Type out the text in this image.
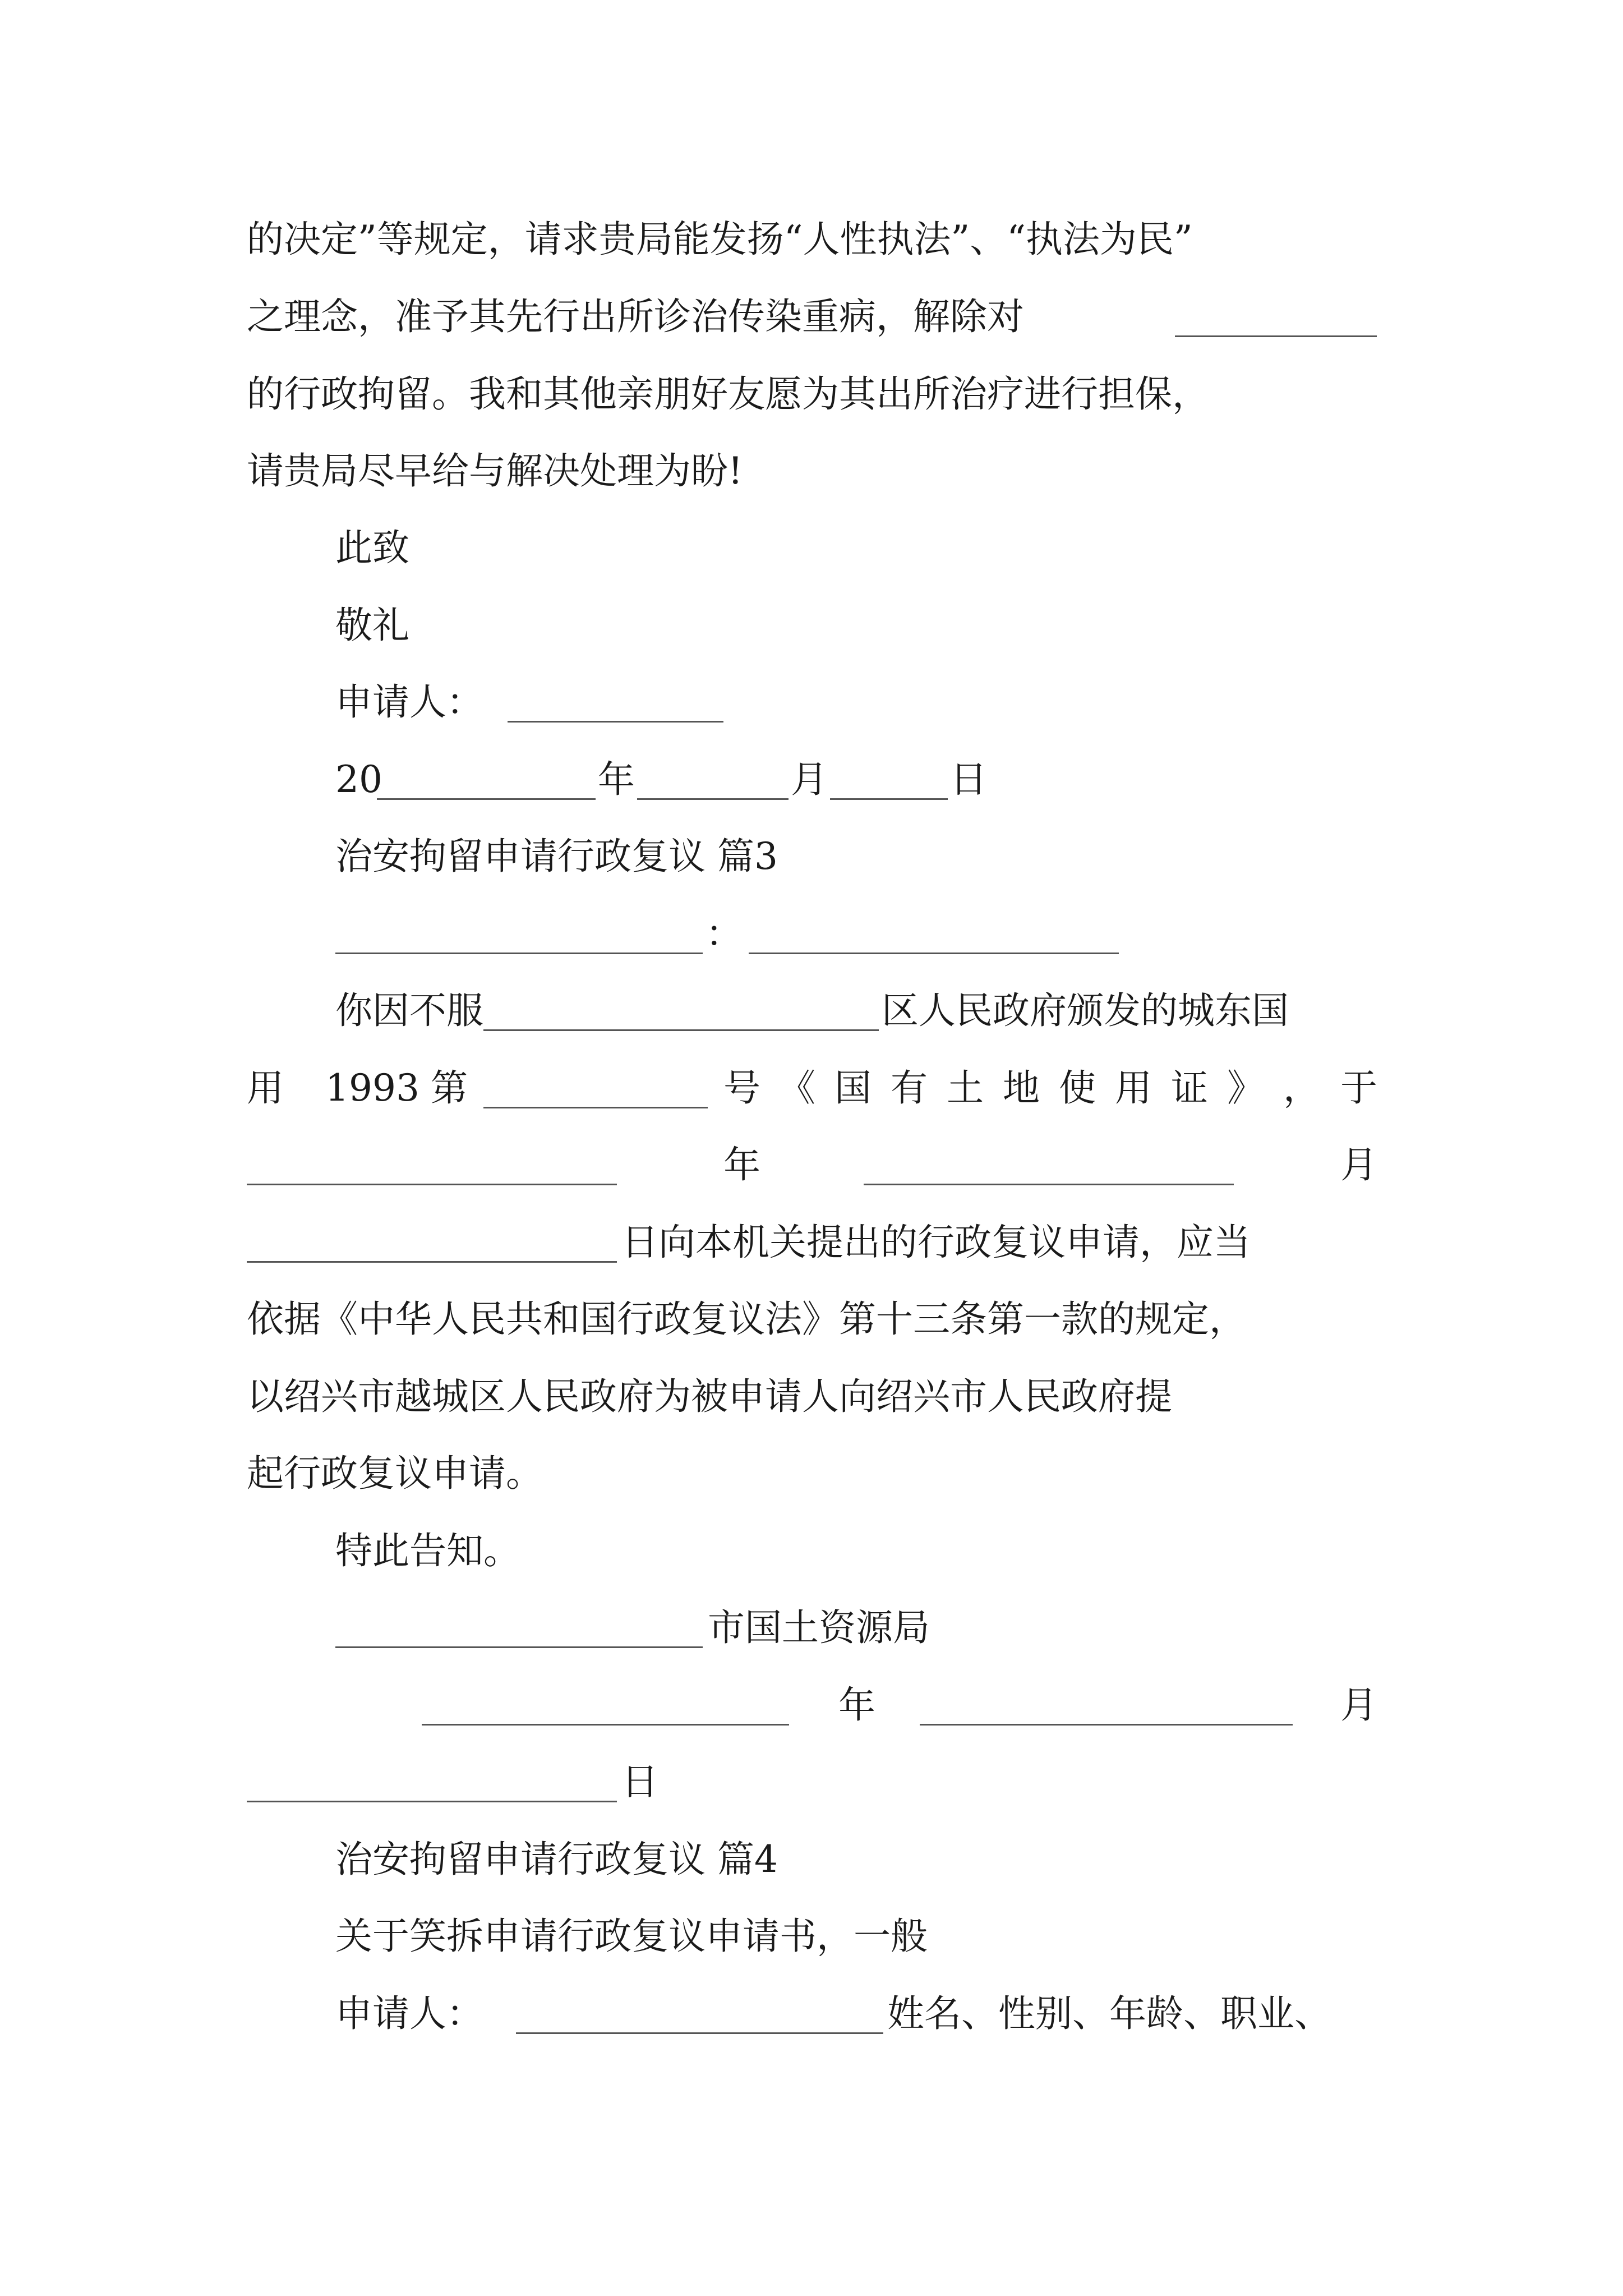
的决定”等规定，请求贵局能发扬“人性执法”、“执法为民”
之理念，准予其先行出所诊治传染重病，解除对
的行政拘留。我和其他亲朋好友愿为其出所治疗进行担保，
请贵局尽早给与解决处理为盼!
此致
敬礼
申请人：
20	年	月	日
治安拘留申请行政复议 篇3
：
你因不服	区人民政府颁发的城东国
用 1993 第	号 《 国 有 土 地 使 用 证 》 ， 于
年	月
日向本机关提出的行政复议申请，应当
依据《中华人民共和国行政复议法》第十三条第一款的规定，
以绍兴市越城区人民政府为被申请人向绍兴市人民政府提
起行政复议申请。
特此告知。
市国土资源局
年	月
日
治安拘留申请行政复议 篇4
关于笑拆申请行政复议申请书，一般
申请人：	姓名、性别、年龄、职业、
